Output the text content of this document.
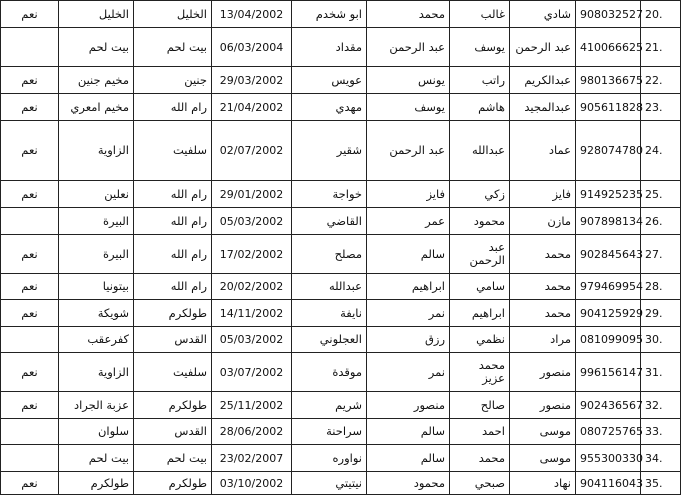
نعم	الخليل	الخليل	13/04/2002	ابو شخدم	محمد	غالب	شادي	908032527	20.
	بيت لحم	بيت لحم	06/03/2004	مقداد	عبد الرحمن	يوسف	عبد الرحمن	410066625	21.
نعم	مخيم جنين	جنين	29/03/2002	عويس	يونس	راتب	عبدالكريم	980136675	22.
نعم	مخيم امعري	رام الله	21/04/2002	مهدي	يوسف	هاشم	عبدالمجيد	905611828	23.
نعم	الزاوية	سلفيت	02/07/2002	شقير	عبد الرحمن	عبدالله	عماد	928074780	24.
نعم	نعلين	رام الله	29/01/2002	خواجة	فايز	زكي	فايز	914925235	25.
	البيرة	رام الله	05/03/2002	القاضي	عمر	محمود	مازن	907898134	26.
نعم	البيرة	رام الله	17/02/2002	مصلح	سالم	عبد الرحمن	محمد	902845643	27.
نعم	بيتونيا	رام الله	20/02/2002	عبدالله	ابراهيم	سامي	محمد	979469954	28.
نعم	شويكة	طولكرم	14/11/2002	نايفة	نمر	ابراهيم	محمد	904125929	29.
	كفرعقب	القدس	05/03/2002	العجلوني	رزق	نظمي	مراد	081099095	30.
نعم	الزاوية	سلفيت	03/07/2002	موقدة	نمر	محمد عزيز	منصور	996156147	31.
نعم	عزبة الجراد	طولكرم	25/11/2002	شريم	منصور	صالح	منصور	902436567	32.
	سلوان	القدس	28/06/2002	سراحنة	سالم	احمد	موسى	080725765	33.
	بيت لحم	بيت لحم	23/02/2007	نواوره	سالم	محمد	موسى	955300330	34.
نعم	طولكرم	طولكرم	03/10/2002	نيتيتي	محمود	صبحي	نهاد	904116043	35.
